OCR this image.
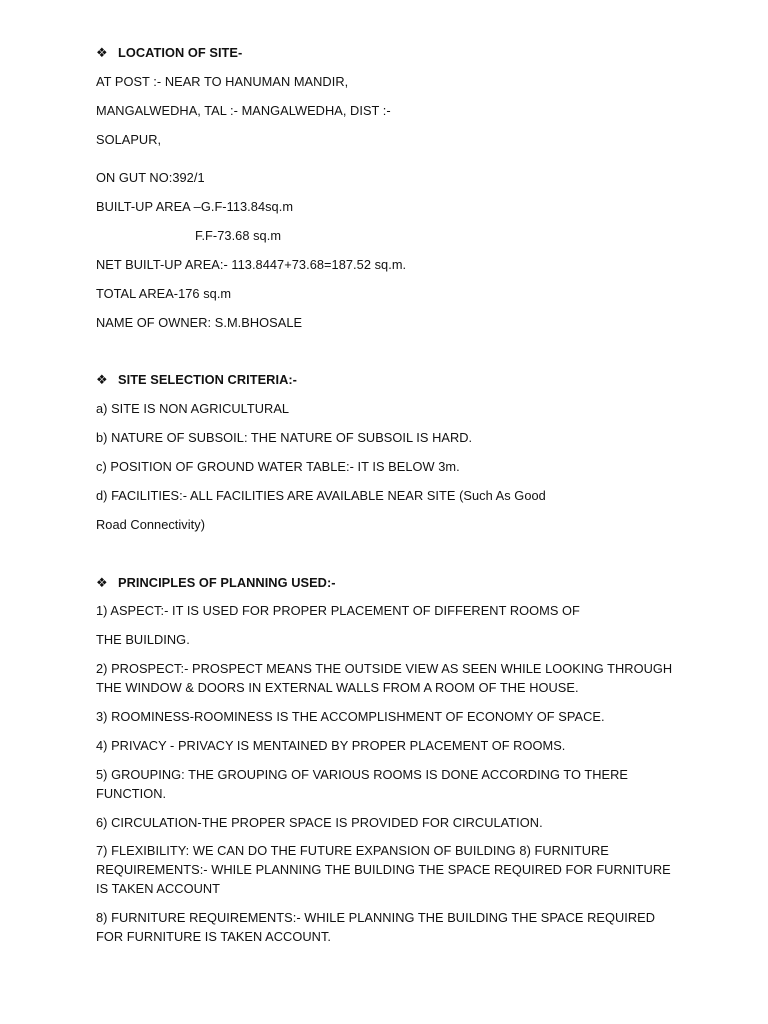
❖ LOCATION OF SITE-
AT POST :- NEAR TO HANUMAN MANDIR,
MANGALWEDHA, TAL :- MANGALWEDHA, DIST :-
SOLAPUR,
ON GUT NO:392/1
BUILT-UP AREA –G.F-113.84sq.m
F.F-73.68 sq.m
NET BUILT-UP AREA:- 113.8447+73.68=187.52 sq.m.
TOTAL AREA-176 sq.m
NAME OF OWNER: S.M.BHOSALE
❖ SITE SELECTION CRITERIA:-
a) SITE IS NON AGRICULTURAL
b) NATURE OF SUBSOIL: THE NATURE OF SUBSOIL IS HARD.
c) POSITION OF GROUND WATER TABLE:- IT IS BELOW 3m.
d) FACILITIES:- ALL FACILITIES ARE AVAILABLE NEAR SITE (Such As Good
Road Connectivity)
❖ PRINCIPLES OF PLANNING USED:-
1) ASPECT:- IT IS USED FOR PROPER PLACEMENT OF DIFFERENT ROOMS OF
THE BUILDING.
2) PROSPECT:- PROSPECT MEANS THE OUTSIDE VIEW AS SEEN WHILE LOOKING THROUGH THE WINDOW & DOORS IN EXTERNAL WALLS FROM A ROOM OF THE HOUSE.
3) ROOMINESS-ROOMINESS IS THE ACCOMPLISHMENT OF ECONOMY OF SPACE.
4) PRIVACY - PRIVACY IS MENTAINED BY PROPER PLACEMENT OF ROOMS.
5) GROUPING: THE GROUPING OF VARIOUS ROOMS IS DONE ACCORDING TO THERE FUNCTION.
6) CIRCULATION-THE PROPER SPACE IS PROVIDED FOR CIRCULATION.
7) FLEXIBILITY: WE CAN DO THE FUTURE EXPANSION OF BUILDING 8) FURNITURE REQUIREMENTS:- WHILE PLANNING THE BUILDING THE SPACE REQUIRED FOR FURNITURE IS TAKEN ACCOUNT
8) FURNITURE REQUIREMENTS:- WHILE PLANNING THE BUILDING THE SPACE REQUIRED FOR FURNITURE IS TAKEN ACCOUNT.
